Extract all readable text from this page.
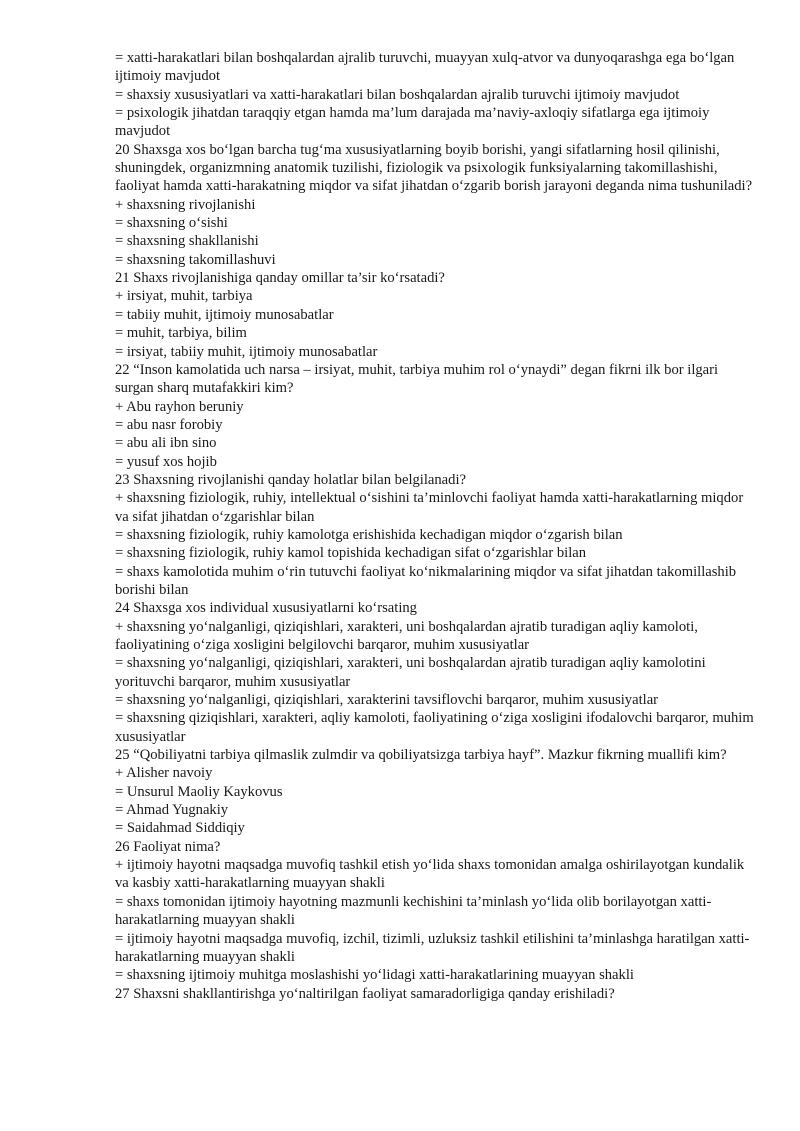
= xatti-harakatlari bilan boshqalardan ajralib turuvchi, muayyan xulq-atvor va dunyoqarashga ega bo‘lgan ijtimoiy mavjudot
= shaxsiy xususiyatlari va xatti-harakatlari bilan boshqalardan ajralib turuvchi ijtimoiy mavjudot
= psixologik jihatdan taraqqiy etgan hamda ma’lum darajada ma’naviy-axloqiy sifatlarga ega ijtimoiy mavjudot
20 Shaxsga xos bo‘lgan barcha tug‘ma xususiyatlarning boyib borishi, yangi sifatlarning hosil qilinishi, shuningdek, organizmning anatomik tuzilishi, fiziologik va psixologik funksiyalarning takomillashishi, faoliyat hamda xatti-harakatning miqdor va sifat jihatdan o‘zgarib borish jarayoni deganda nima tushuniladi?
+ shaxsning rivojlanishi
= shaxsning o‘sishi
= shaxsning shakllanishi
= shaxsning takomillashuvi
21 Shaxs rivojlanishiga qanday omillar ta’sir ko‘rsatadi?
+ irsiyat, muhit, tarbiya
= tabiiy muhit, ijtimoiy munosabatlar
= muhit, tarbiya, bilim
= irsiyat, tabiiy muhit, ijtimoiy munosabatlar
22 “Inson kamolatida uch narsa – irsiyat, muhit, tarbiya muhim rol o‘ynaydi” degan fikrni ilk bor ilgari surgan sharq mutafakkiri kim?
+ Abu rayhon beruniy
= abu nasr forobiy
= abu ali ibn sino
= yusuf xos hojib
23 Shaxsning rivojlanishi qanday holatlar bilan belgilanadi?
+ shaxsning fiziologik, ruhiy, intellektual o‘sishini ta’minlovchi faoliyat hamda xatti-harakatlarning miqdor va sifat jihatdan o‘zgarishlar bilan
= shaxsning fiziologik, ruhiy kamolotga erishishida kechadigan miqdor o‘zgarish bilan
= shaxsning fiziologik, ruhiy kamol topishida kechadigan sifat o‘zgarishlar bilan
= shaxs kamolotida muhim o‘rin tutuvchi faoliyat ko‘nikmalarining miqdor va sifat jihatdan takomillashib borishi bilan
24 Shaxsga xos individual xususiyatlarni ko‘rsating
+ shaxsning yo‘nalganligi, qiziqishlari, xarakteri, uni boshqalardan ajratib turadigan aqliy kamoloti, faoliyatining o‘ziga xosligini belgilovchi barqaror, muhim xususiyatlar
= shaxsning yo‘nalganligi, qiziqishlari, xarakteri, uni boshqalardan ajratib turadigan aqliy kamolotini yorituvchi barqaror, muhim xususiyatlar
= shaxsning yo‘nalganligi, qiziqishlari, xarakterini tavsiflovchi barqaror, muhim xususiyatlar
= shaxsning qiziqishlari, xarakteri, aqliy kamoloti, faoliyatining o‘ziga xosligini ifodalovchi barqaror, muhim xususiyatlar
25 “Qobiliyatni tarbiya qilmaslik zulmdir va qobiliyatsizga tarbiya hayf”. Mazkur fikrning muallifi kim?
+ Alisher navoiy
= Unsurul Maoliy Kaykovus
= Ahmad Yugnakiy
= Saidahmad Siddiqiy
26 Faoliyat nima?
+ ijtimoiy hayotni maqsadga muvofiq tashkil etish yo‘lida shaxs tomonidan amalga oshirilayotgan kundalik va kasbiy xatti-harakatlarning muayyan shakli
= shaxs tomonidan ijtimoiy hayotning mazmunli kechishini ta’minlash yo‘lida olib borilayotgan xatti-harakatlarning muayyan shakli
= ijtimoiy hayotni maqsadga muvofiq, izchil, tizimli, uzluksiz tashkil etilishini ta’minlashga haratilgan xatti-harakatlarning muayyan shakli
= shaxsning ijtimoiy muhitga moslashishi yo‘lidagi xatti-harakatlarining muayyan shakli
27 Shaxsni shakllantirishga yo‘naltirilgan faoliyat samaradorligiga qanday erishiladi?
